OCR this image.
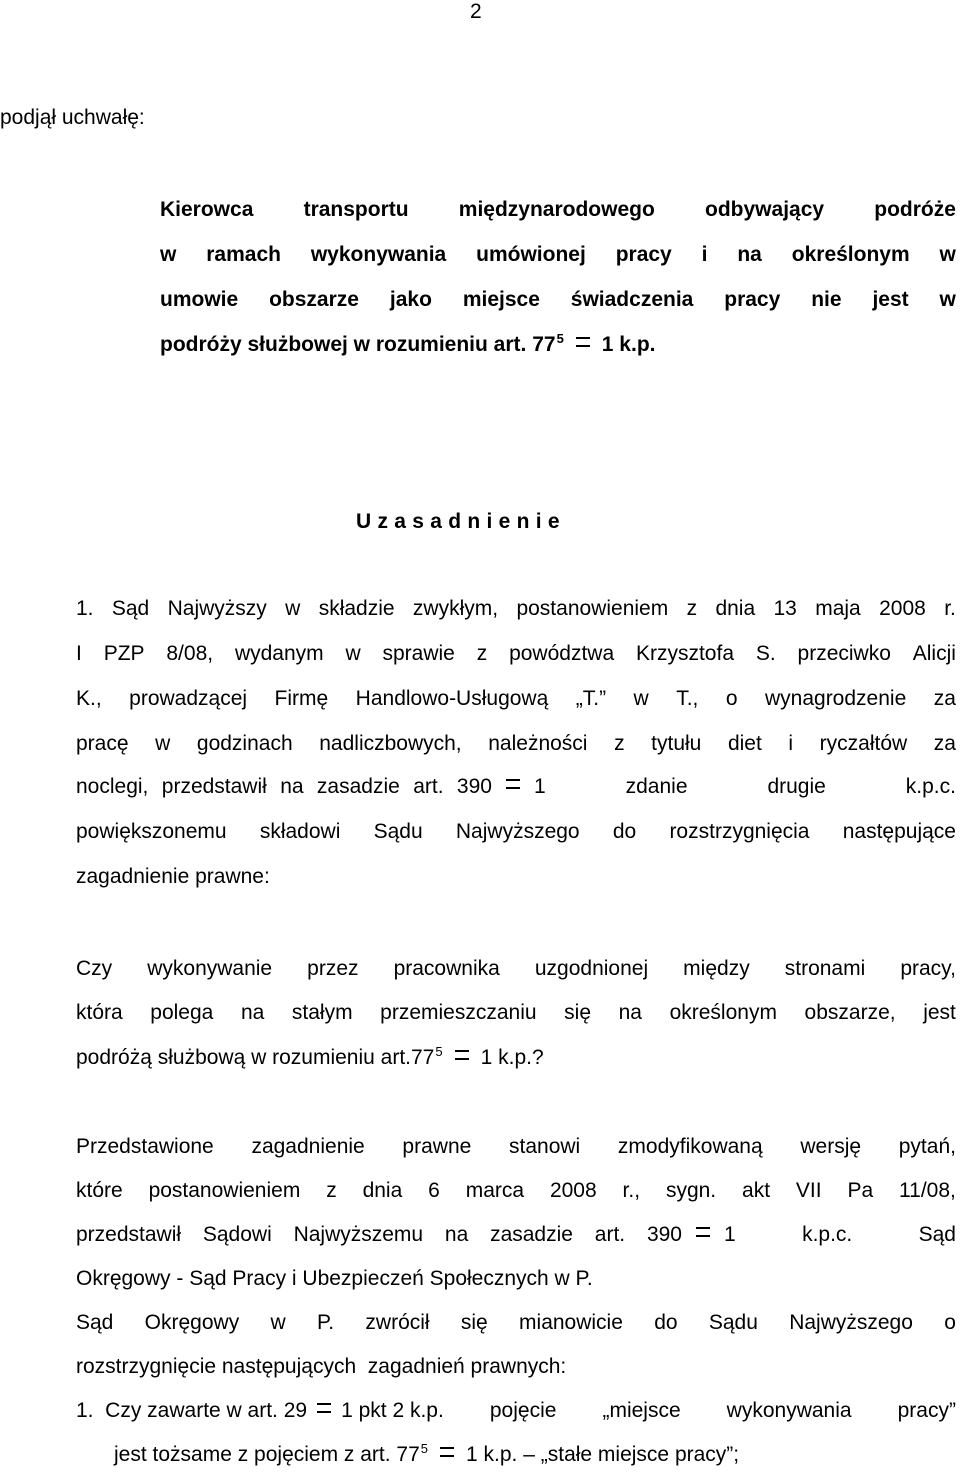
2
podjął uchwałę:
Kierowca transportu międzynarodowego odbywający podróże
w ramach wykonywania umówionej pracy i na określonym w
umowie obszarze jako miejsce świadczenia pracy nie jest w
podróży służbowej w rozumieniu art. $77^5$ 1 k.p.
Uzasadnienie
1. Sąd Najwyższy w składzie zwykłym, postanowieniem z dnia 13 maja 2008 r.
I PZP 8/08, wydanym w sprawie z powództwa Krzysztofa S. przeciwko Alicji
K., prowadzącej Firmę Handlowo-Usługową „T.” w T., o wynagrodzenie za
pracę w godzinach nadliczbowych, należności z tytułu diet i ryczałtów za
noclegi, przedstawił na zasadzie art. 390 1	zdanie	drugie	k.p.c.
powiększonemu składowi Sądu Najwyższego do rozstrzygnięcia następujące
zagadnienie prawne:
Czy wykonywanie przez pracownika uzgodnionej między stronami pracy,
która polega na stałym przemieszczaniu się na określonym obszarze, jest
podróżą służbową w rozumieniu $art.77^5$ 1 k.p.?
Przedstawione zagadnienie prawne stanowi zmodyfikowaną wersję pytań,
które postanowieniem z dnia 6 marca 2008 r., sygn. akt VII Pa 11/08,
przedstawił Sądowi Najwyższemu na zasadzie art. 390 1	k.p.c.	Sąd
Okręgowy - Sąd Pracy i Ubezpieczeń Społecznych w P.
Sąd Okręgowy w P. zwrócił się mianowicie do Sądu Najwyższego o
rozstrzygnięcie następujących  zagadnień prawnych:
1.  Czy zawarte w art. 29 1 pkt 2 k.p. pojęcie „miejsce wykonywania pracy”
jest tożsame z pojęciem z art. $77^5$ 1 k.p. – „stałe miejsce pracy”;
